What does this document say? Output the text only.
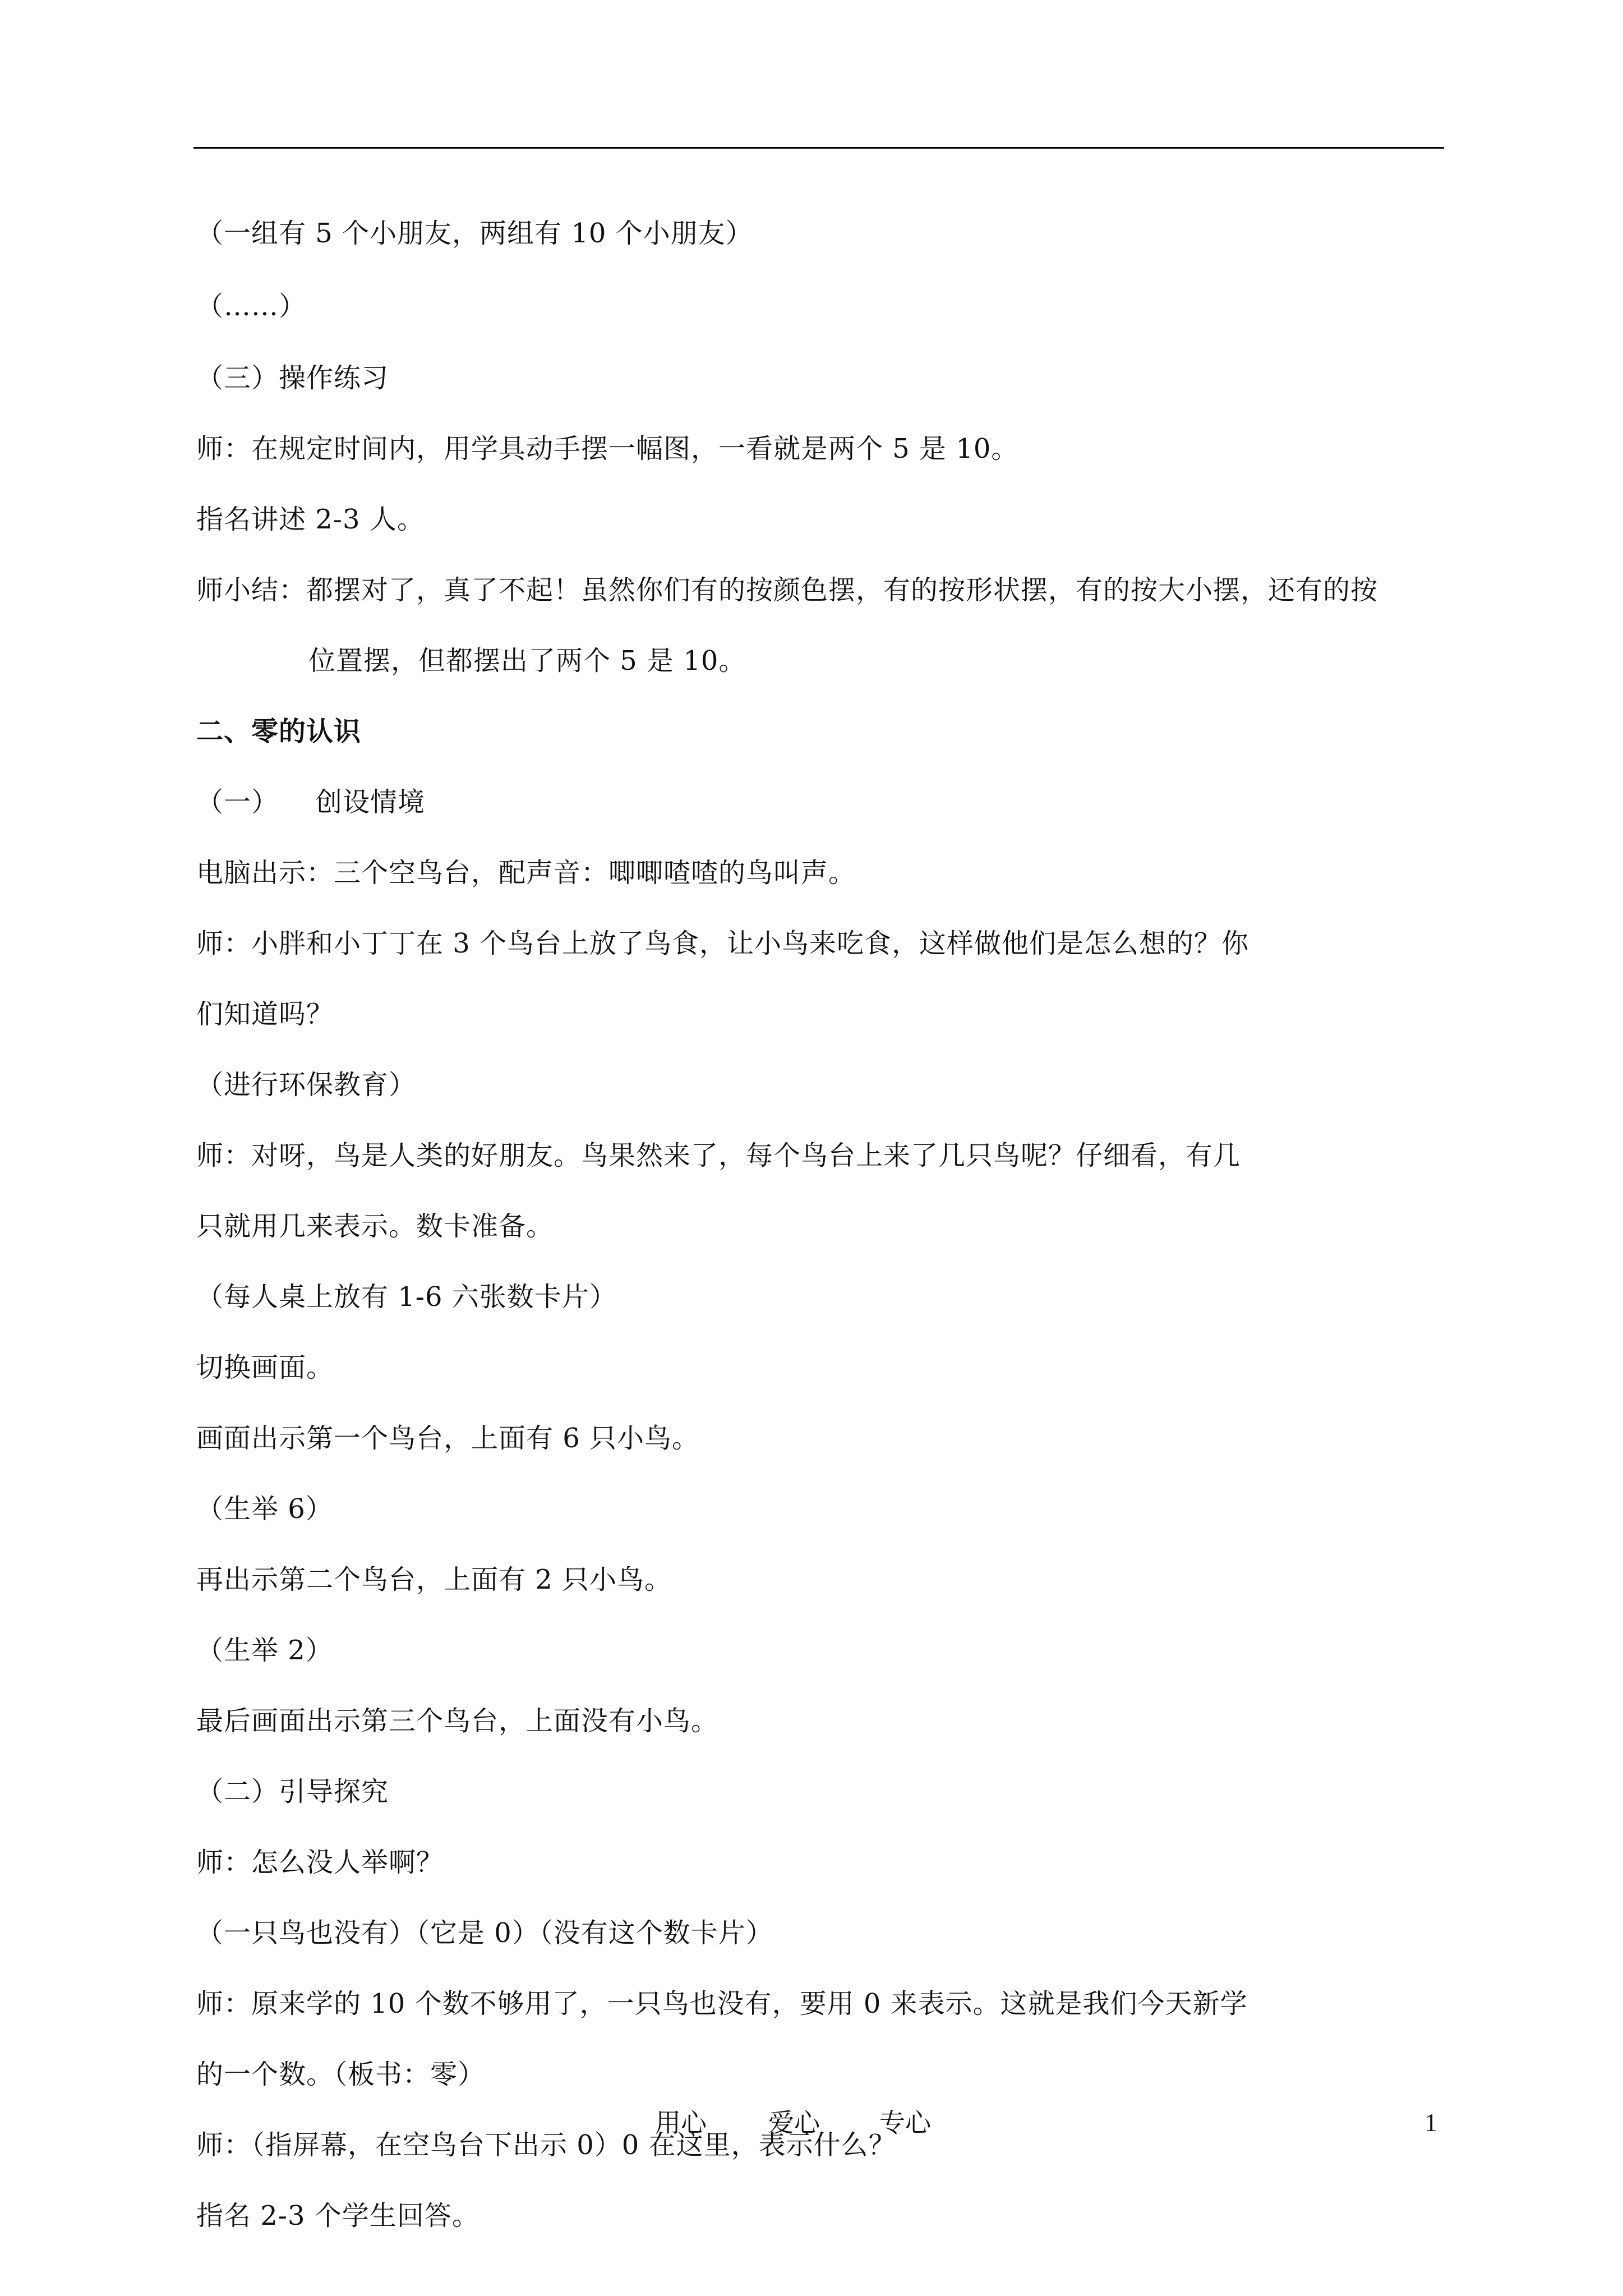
（一组有 5 个小朋友，两组有 10 个小朋友）
（……）
（三）操作练习
师：在规定时间内，用学具动手摆一幅图，一看就是两个 5 是 10。
指名讲述 2-3 人。
师小结：都摆对了，真了不起！虽然你们有的按颜色摆，有的按形状摆，有的按大小摆，还有的按
位置摆，但都摆出了两个 5 是 10。
二、零的认识
（一）    创设情境
电脑出示：三个空鸟台，配声音：唧唧喳喳的鸟叫声。
师：小胖和小丁丁在 3 个鸟台上放了鸟食，让小鸟来吃食，这样做他们是怎么想的？你
们知道吗？
（进行环保教育）
师：对呀，鸟是人类的好朋友。鸟果然来了，每个鸟台上来了几只鸟呢？仔细看，有几
只就用几来表示。数卡准备。
（每人桌上放有 1-6 六张数卡片）
切换画面。
画面出示第一个鸟台，上面有 6 只小鸟。
（生举 6）
再出示第二个鸟台，上面有 2 只小鸟。
（生举 2）
最后画面出示第三个鸟台，上面没有小鸟。
（二）引导探究
师：怎么没人举啊？
（一只鸟也没有）（它是 0）（没有这个数卡片）
师：原来学的 10 个数不够用了，一只鸟也没有，要用 0 来表示。这就是我们今天新学
的一个数。（板书：零）
师：（指屏幕，在空鸟台下出示 0）0 在这里，表示什么？
指名 2-3 个学生回答。
用心 爱心 专心	1
